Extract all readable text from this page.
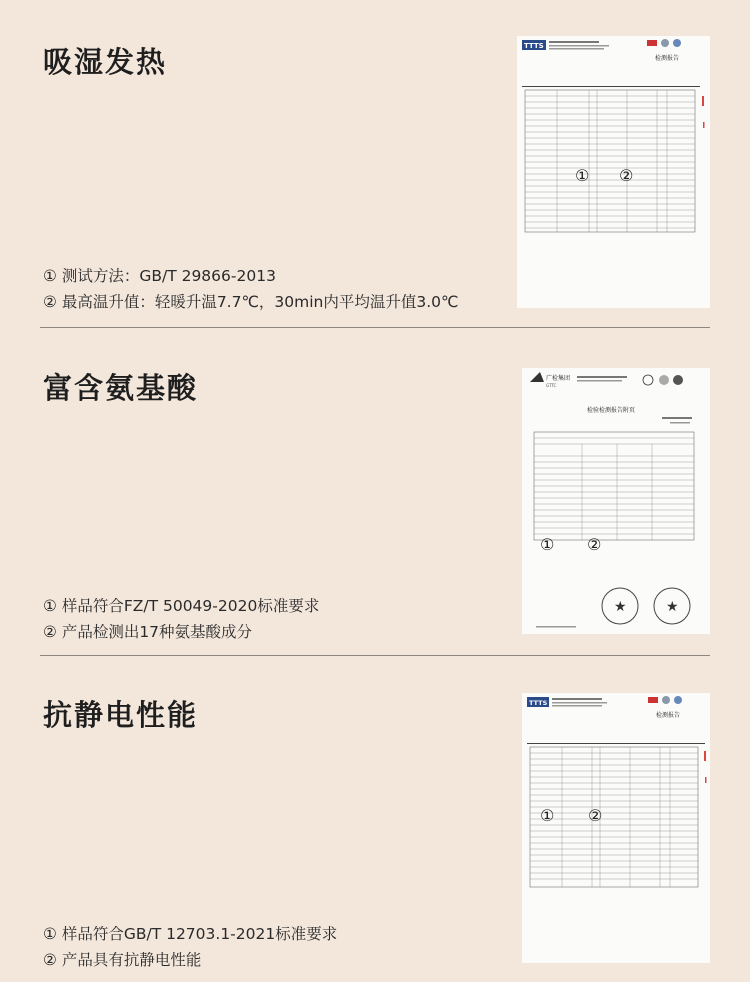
吸湿发热
① 测试方法：GB/T 29866-2013
② 最高温升值：轻暖升温7.7℃，30min内平均温升值3.0℃
TTTS
检测报告
① ②
富含氨基酸
① 样品符合FZ/T 50049-2020标准要求
② 产品检测出17种氨基酸成分
广检集团
GTTC
检验检测报告附页
① ②
★	★
抗静电性能
① 样品符合GB/T 12703.1-2021标准要求
② 产品具有抗静电性能
TTTS
检测报告
① ②
